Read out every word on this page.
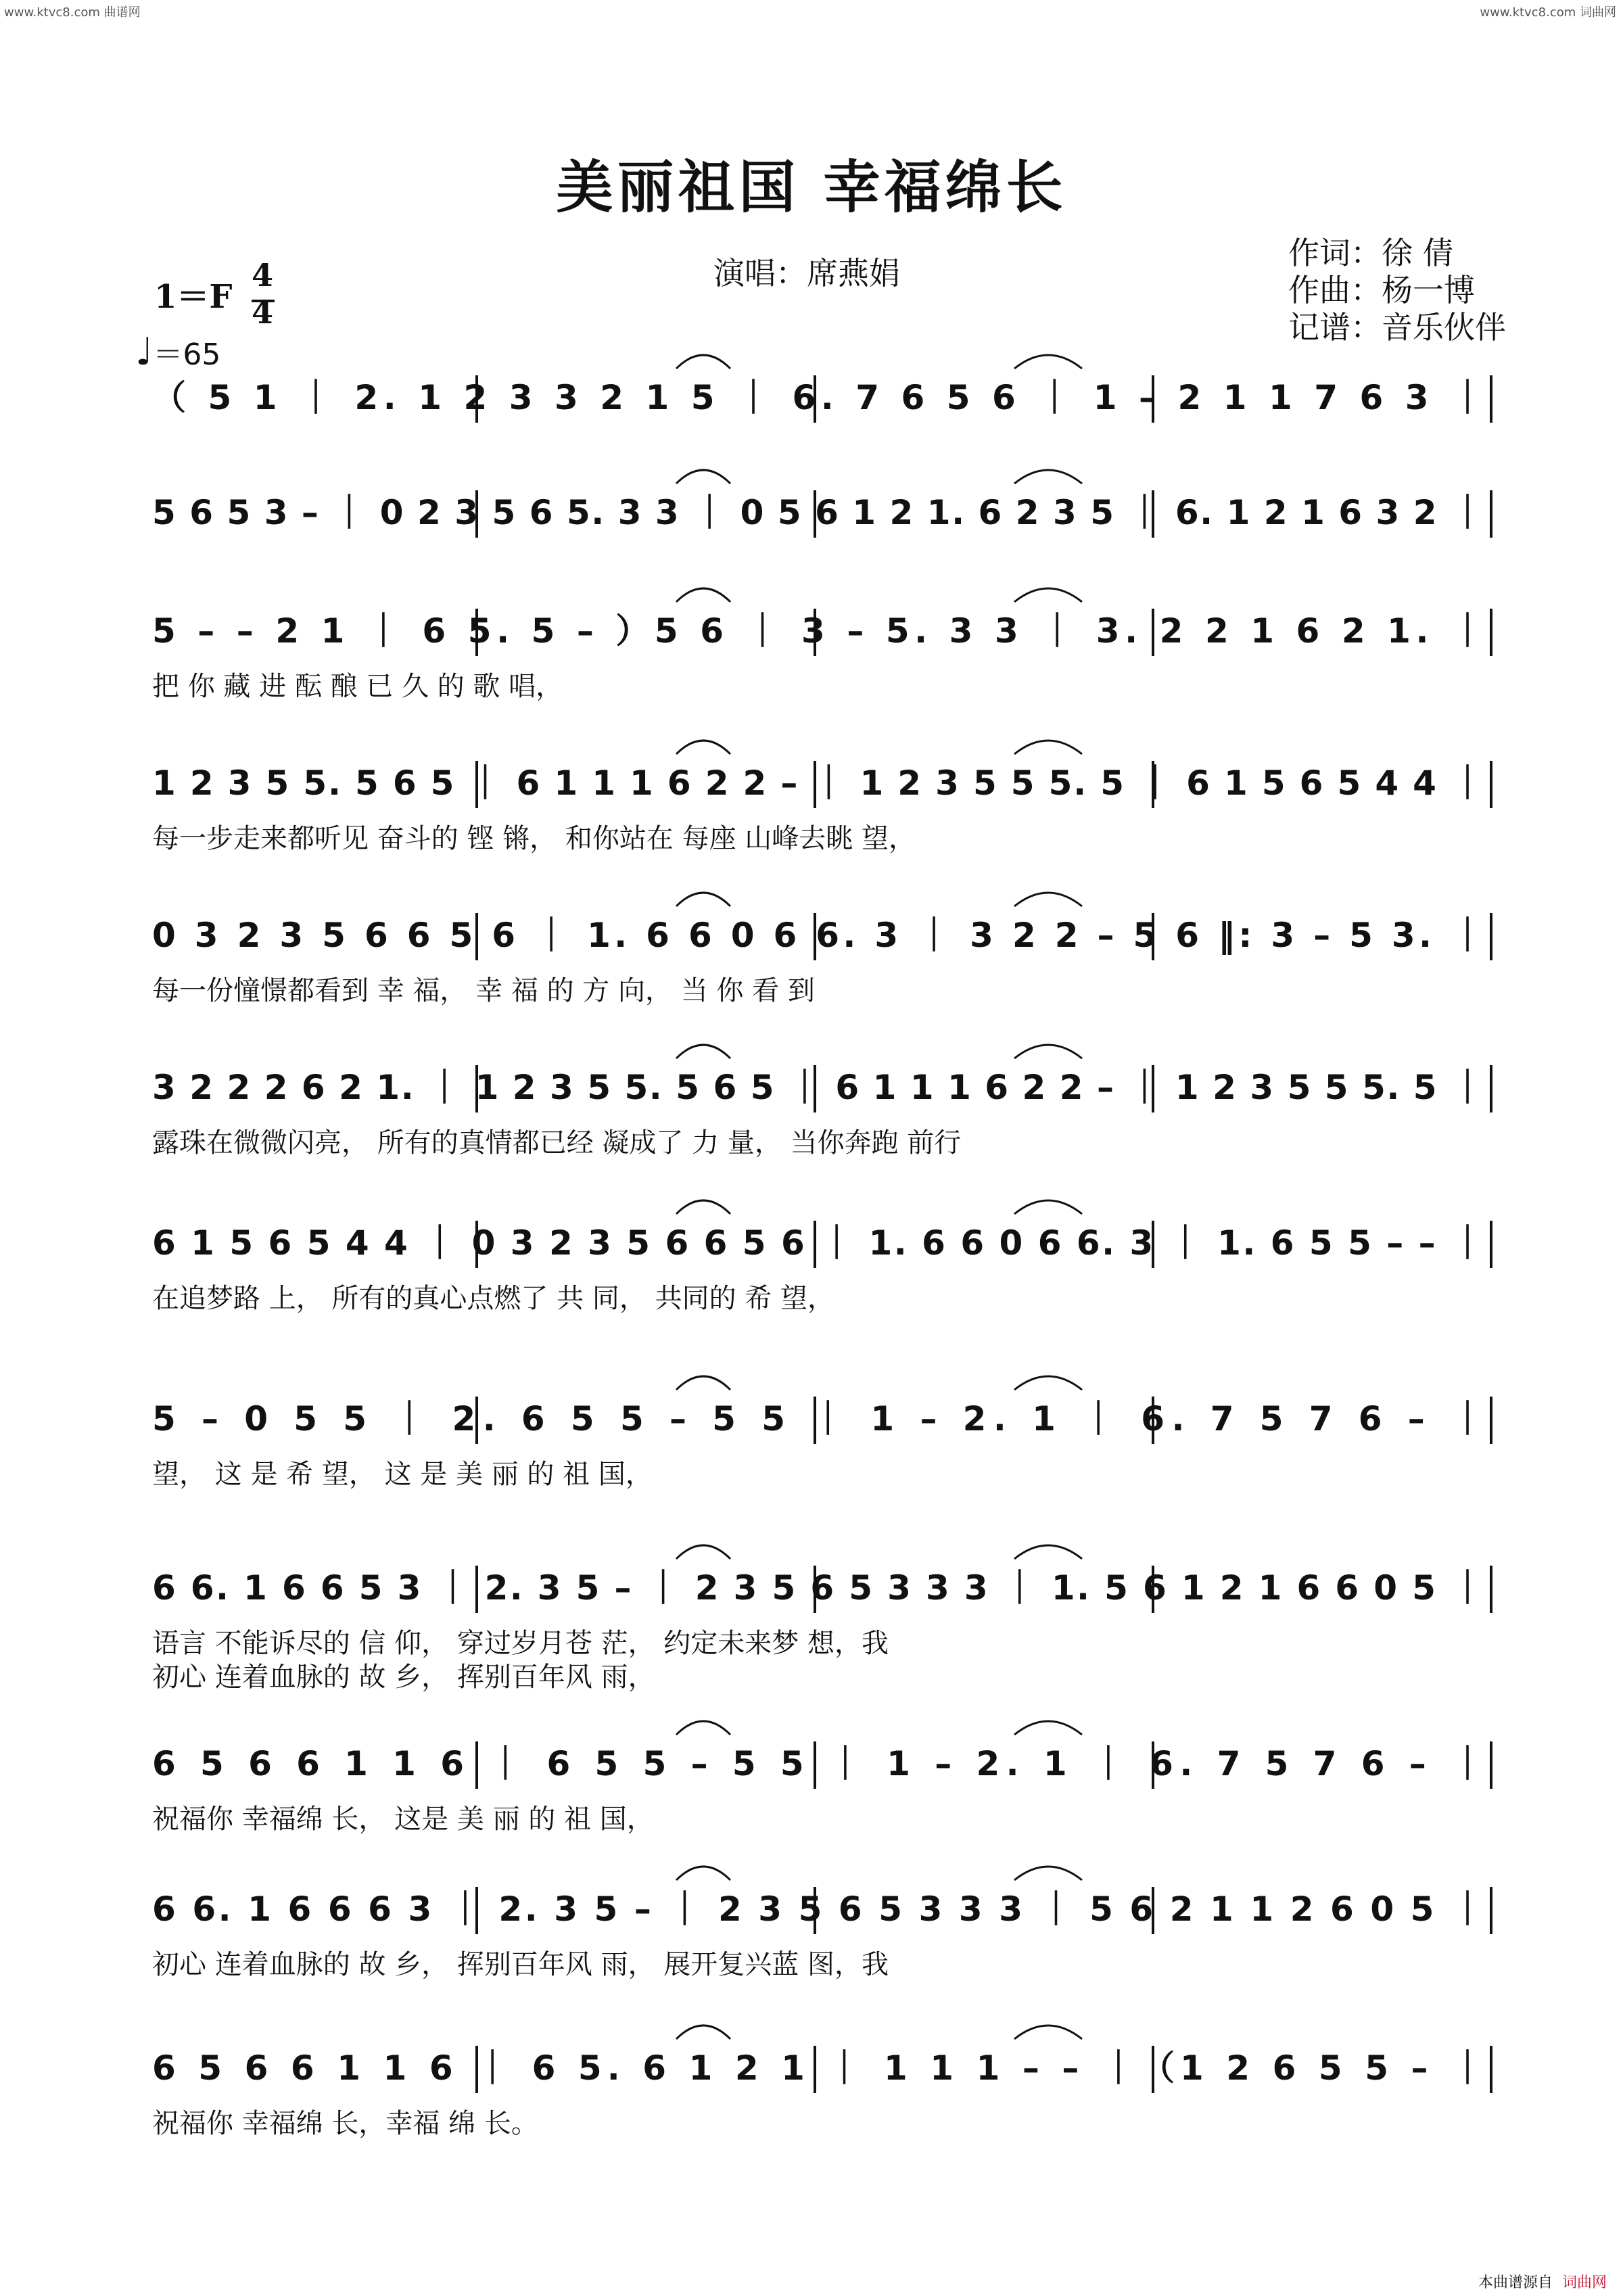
www.ktvc8.com 曲谱网	www.ktvc8.com 词曲网
美丽祖国 幸福绵长
演唱：席燕娟
作词：徐 倩
作曲：杨一博
记谱：音乐伙伴
1＝F
4
4
♩＝65
（ 5 1 ｜ 2. 1 2 3 3 2 1 5 ｜ 6. 7 6 5 6 ｜ 1 – 2 1 1 7 6 3 ｜
5 6 5 3 – ｜ 0 2 3 5 6 5. 3 3 ｜ 0 5 6 1 2 1. 6 2 3 5 ｜ 6. 1 2 1 6 3 2 ｜
5 – – 2 1 ｜ 6 5. 5 – ）5 6 ｜ 3 – 5. 3 3 ｜ 3. 2 2 1 6 2 1. ｜
把 你 藏 进 酝 酿 已 久 的 歌 唱，
1 2 3 5 5. 5 6 5 ｜ 6 1 1 1 6 2 2 – ｜ 1 2 3 5 5 5. 5 ｜ 6 1 5 6 5 4 4 ｜
每一步走来都听见 奋斗的 铿 锵， 和你站在 每座 山峰去眺 望，
0 3 2 3 5 6 6 5 6 ｜ 1. 6 6 0 6 6. 3 ｜ 3 2 2 – 5 6 ‖: 3 – 5 3. ｜
每一份憧憬都看到 幸 福， 幸 福 的 方 向， 当 你 看 到
3 2 2 2 6 2 1. ｜ 1 2 3 5 5. 5 6 5 ｜ 6 1 1 1 6 2 2 – ｜ 1 2 3 5 5 5. 5 ｜
露珠在微微闪亮， 所有的真情都已经 凝成了 力 量， 当你奔跑 前行
6 1 5 6 5 4 4 ｜ 0 3 2 3 5 6 6 5 6 ｜ 1. 6 6 0 6 6. 3 ｜ 1. 6 5 5 – – ｜
在追梦路 上， 所有的真心点燃了 共 同， 共同的 希 望，
5 – 0 5 5 ｜ 2. 6 5 5 – 5 5 ｜ 1 – 2. 1 ｜ 6. 7 5 7 6 – ｜
望， 这 是 希 望， 这 是 美 丽 的 祖 国，
6 6. 1 6 6 5 3 ｜ 2. 3 5 – ｜ 2 3 5 6 5 3 3 3 ｜ 1. 5 6 1 2 1 6 6 0 5 ｜
语言 不能诉尽的 信 仰， 穿过岁月苍 茫， 约定未来梦 想，我
初心 连着血脉的 故 乡， 挥别百年风 雨，
6 5 6 6 1 1 6 ｜ 6 5 5 – 5 5 ｜ 1 – 2. 1 ｜ 6. 7 5 7 6 – ｜
祝福你 幸福绵 长， 这是 美 丽 的 祖 国，
6 6. 1 6 6 6 3 ｜ 2. 3 5 – ｜ 2 3 5 6 5 3 3 3 ｜ 5 6 2 1 1 2 6 0 5 ｜
初心 连着血脉的 故 乡， 挥别百年风 雨， 展开复兴蓝 图，我
6 5 6 6 1 1 6 ｜ 6 5. 6 1 2 1 ｜ 1 1 1 – – ｜（1 2 6 5 5 – ｜
祝福你 幸福绵 长，幸福 绵 长。
本曲谱源自 词曲网
